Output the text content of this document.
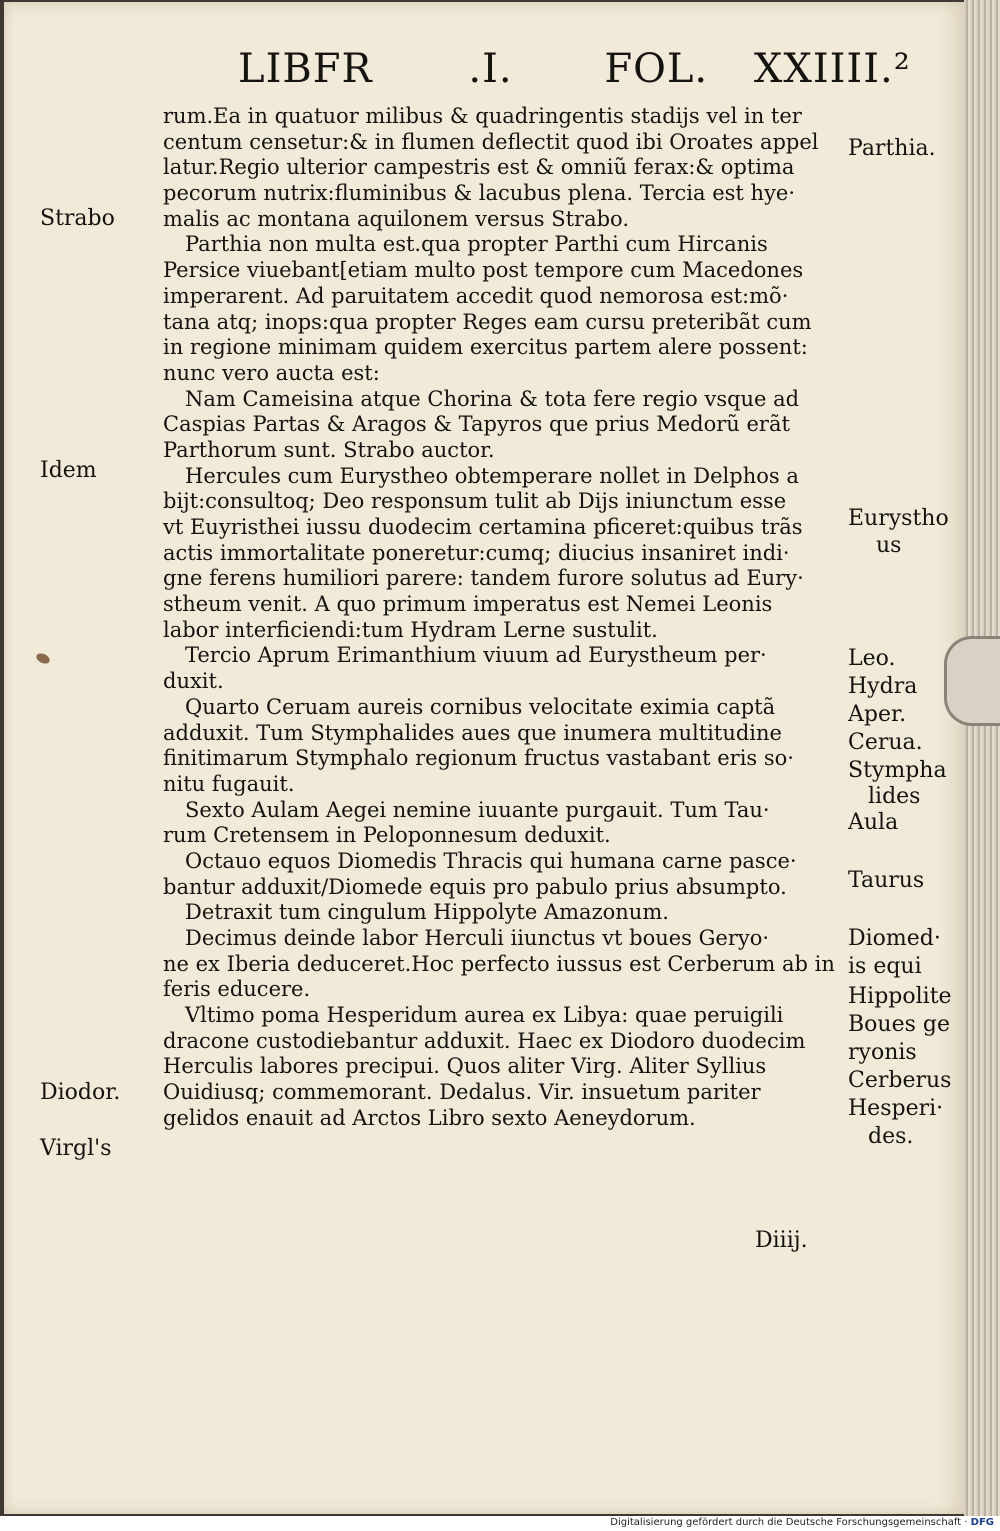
LIBFR .I. FOL. XXIIII.²
rum.Ea in quatuor milibus & quadringentis stadijs vel in ter
centum censetur:& in flumen deflectit quod ibi Oroates appel
latur.Regio ulterior campestris est & omniũ ferax:& optima
pecorum nutrix:fluminibus & lacubus plena. Tercia est hye·
malis ac montana aquilonem versus Strabo.
Parthia non multa est.qua propter Parthi cum Hircanis
Persice viuebant[etiam multo post tempore cum Macedones
imperarent. Ad paruitatem accedit quod nemorosa est:mõ·
tana atq; inops:qua propter Reges eam cursu preteribãt cum
in regione minimam quidem exercitus partem alere possent:
nunc vero aucta est:
Nam Cameisina atque Chorina & tota fere regio vsque ad
Caspias Partas & Aragos & Tapyros que prius Medorũ erãt
Parthorum sunt. Strabo auctor.
Hercules cum Eurystheo obtemperare nollet in Delphos a
bijt:consultoq; Deo responsum tulit ab Dijs iniunctum esse
vt Euyristhei iussu duodecim certamina pficeret:quibus trãs
actis immortalitate poneretur:cumq; diucius insaniret indi·
gne ferens humiliori parere: tandem furore solutus ad Eury·
stheum venit. A quo primum imperatus est Nemei Leonis
labor interficiendi:tum Hydram Lerne sustulit.
Tercio Aprum Erimanthium viuum ad Eurystheum per·
duxit.
Quarto Ceruam aureis cornibus velocitate eximia captã
adduxit. Tum Stymphalides aues que inumera multitudine
finitimarum Stymphalo regionum fructus vastabant eris so·
nitu fugauit.
Sexto Aulam Aegei nemine iuuante purgauit. Tum Tau·
rum Cretensem in Peloponnesum deduxit.
Octauo equos Diomedis Thracis qui humana carne pasce·
bantur adduxit/Diomede equis pro pabulo prius absumpto.
Detraxit tum cingulum Hippolyte Amazonum.
Decimus deinde labor Herculi iiunctus vt boues Geryo·
ne ex Iberia deduceret.Hoc perfecto iussus est Cerberum ab in
feris educere.
Vltimo poma Hesperidum aurea ex Libya: quae peruigili
dracone custodiebantur adduxit. Haec ex Diodoro duodecim
Herculis labores precipui. Quos aliter Virg. Aliter Syllius
Ouidiusq; commemorant. Dedalus. Vir. insuetum pariter
gelidos enauit ad Arctos Libro sexto Aeneydorum.
Strabo
Idem
Diodor.
Virgl's
Parthia.
Eurystho
us
Leo.
Hydra
Aper.
Cerua.
Stympha
lides
Aula
Taurus
Diomed·
is equi
Hippolite
Boues ge
ryonis
Cerberus
Hesperi·
des.
Diiij.
Digitalisierung gefördert durch die Deutsche Forschungsgemeinschaft · DFG
